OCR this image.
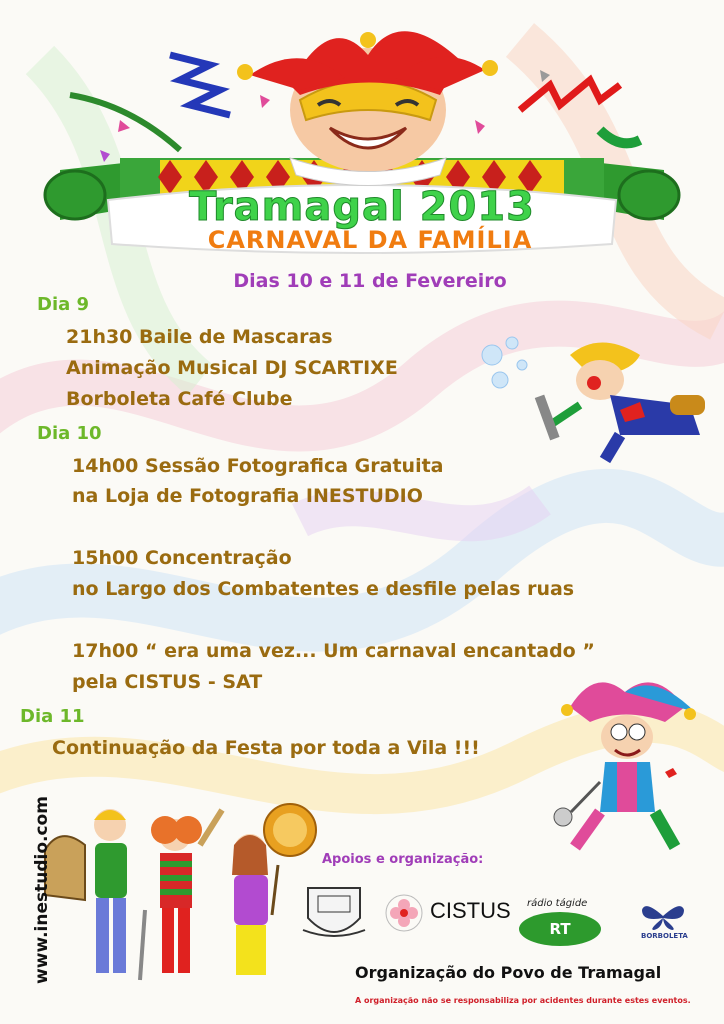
Tramagal 2013
CARNAVAL DA FAMÍLIA
Dias 10 e 11 de Fevereiro
Dia 9
21h30 Baile de Mascaras
Animação Musical DJ SCARTIXE
Borboleta Café Clube
Dia 10
14h00 Sessão Fotografica Gratuita
na Loja de Fotografia INESTUDIO
15h00 Concentração
no Largo dos Combatentes e desfile pelas ruas
17h00 “ era uma vez... Um carnaval encantado ”
pela CISTUS - SAT
Dia 11
Continuação da Festa por toda a Vila !!!
www.inestudio.com	Apoios e organização:
CISTUS rádio tágide
RT	BORBOLETA
Organização do Povo de Tramagal
A organização não se responsabiliza por acidentes durante estes eventos.
